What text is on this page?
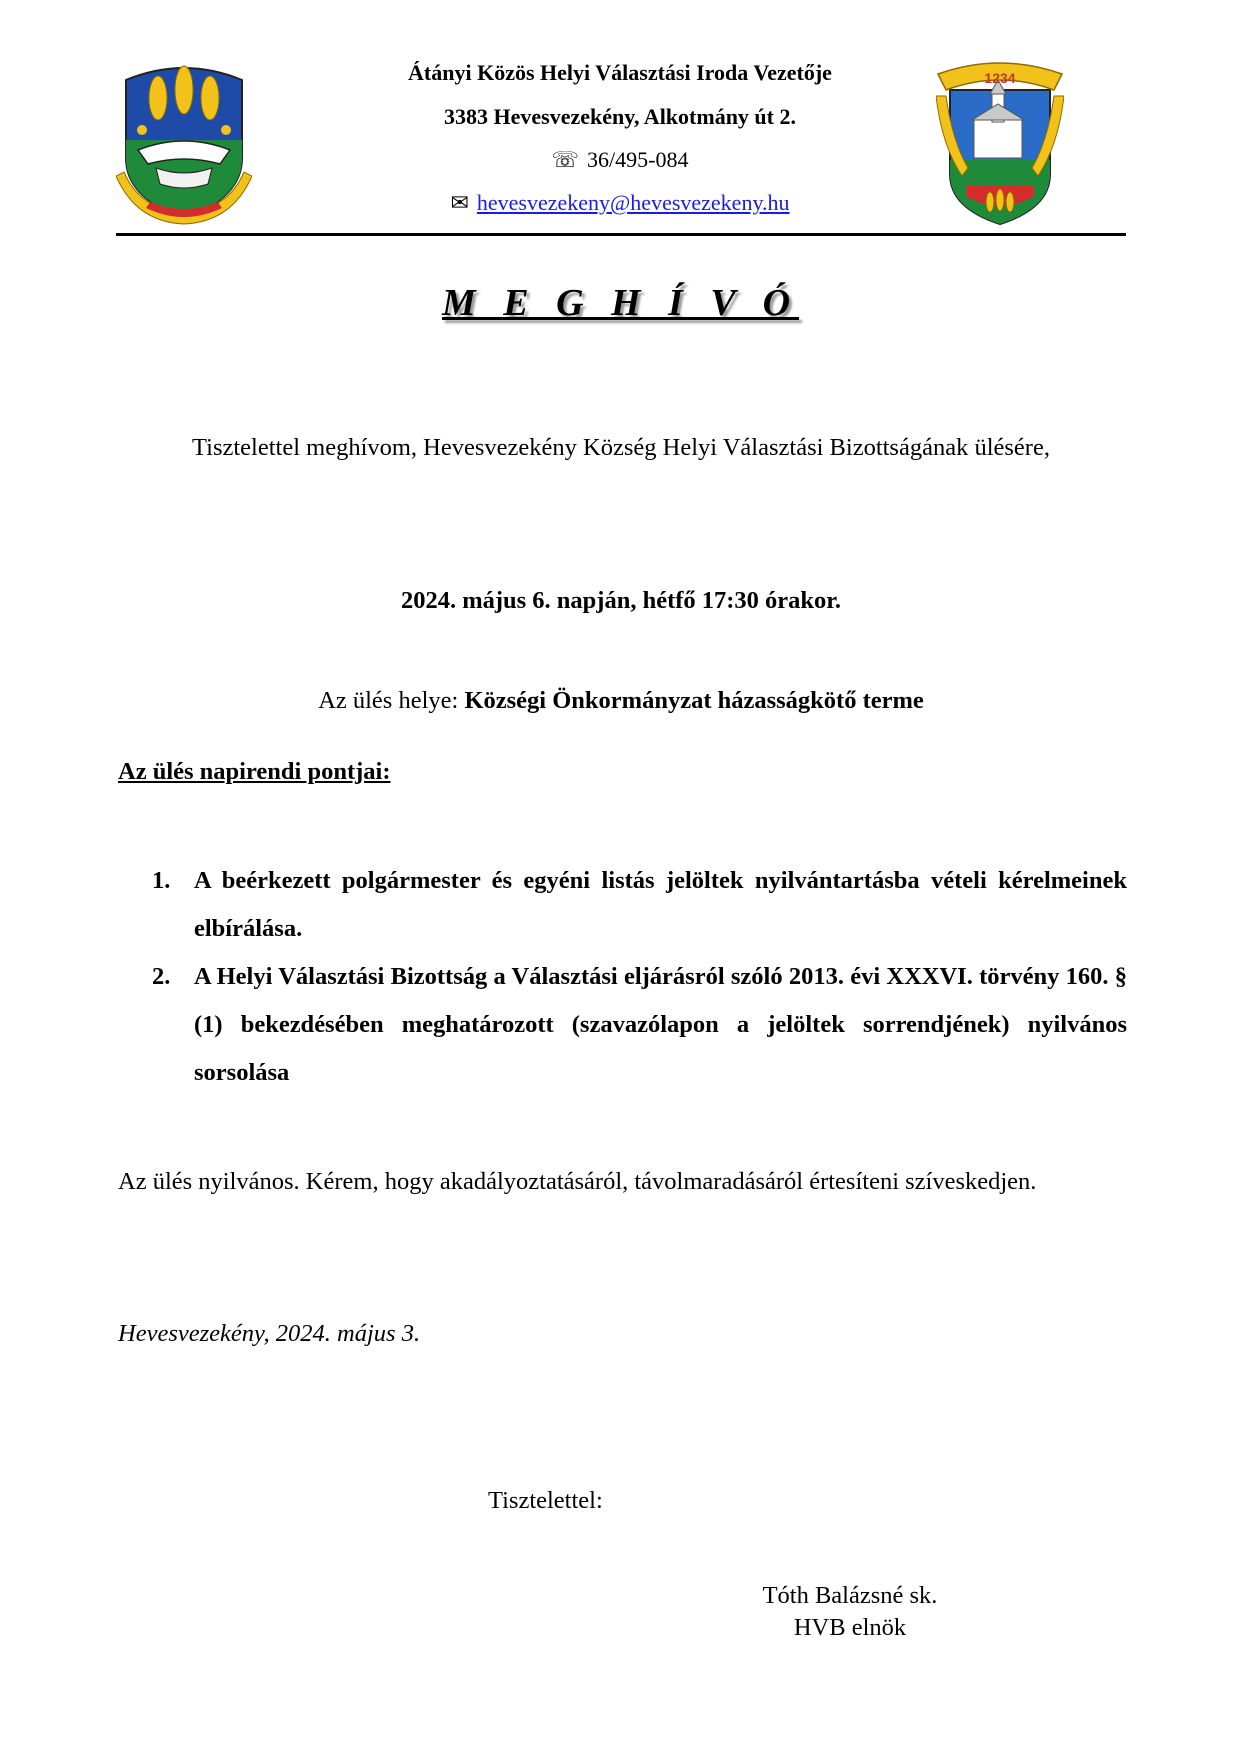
Átányi Közös Helyi Választási Iroda Vezetője
3383 Hevesvezekény, Alkotmány út 2.
☏ 36/495-084
✉ hevesvezekeny@hevesvezekeny.hu
1234
M E G H Í V Ó
Tisztelettel meghívom, Hevesvezekény Község Helyi Választási Bizottságának ülésére,
2024. május 6. napján, hétfő 17:30 órakor.
Az ülés helye: Községi Önkormányzat házasságkötő terme
Az ülés napirendi pontjai:
1. A beérkezett polgármester és egyéni listás jelöltek nyilvántartásba vételi kérelmeinek elbírálása.
2. A Helyi Választási Bizottság a Választási eljárásról szóló 2013. évi XXXVI. törvény 160. § (1) bekezdésében meghatározott (szavazólapon a jelöltek sorrendjének) nyilvános sorsolása
Az ülés nyilvános. Kérem, hogy akadályoztatásáról, távolmaradásáról értesíteni szíveskedjen.
Hevesvezekény, 2024. május 3.
Tisztelettel:
Tóth Balázsné sk.
HVB elnök
